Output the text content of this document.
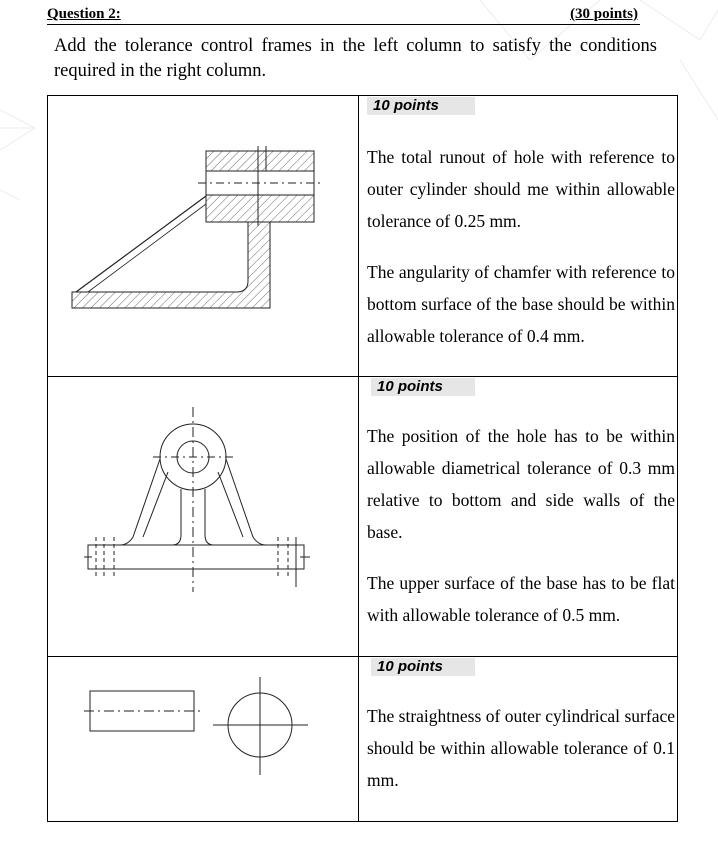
Question 2:	(30 points)
Add the tolerance control frames in the left column to satisfy the conditions required in the right column.
10 points
The total runout of hole with reference to outer cylinder should me within allowable tolerance of 0.25 mm.
The angularity of chamfer with reference to bottom surface of the base should be within allowable tolerance of 0.4 mm.
10 points
The position of the hole has to be within allowable diametrical tolerance of 0.3 mm relative to bottom and side walls of the base.
The upper surface of the base has to be flat with allowable tolerance of 0.5 mm.
10 points
The straightness of outer cylindrical surface should be within allowable tolerance of 0.1 mm.
